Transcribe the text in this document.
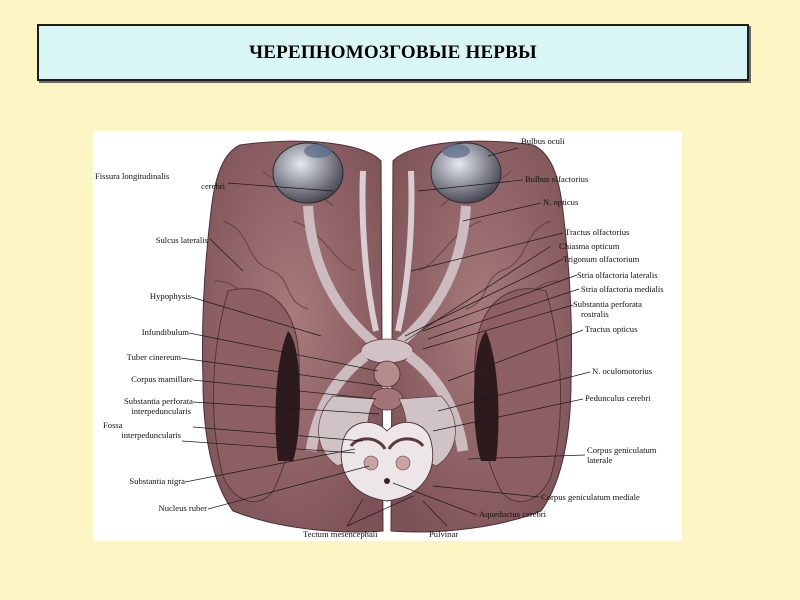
ЧЕРЕПНОМОЗГОВЫЕ НЕРВЫ
Fissura longitudinalis
cerebri
Sulcus lateralis
Hypophysis
Infundibulum
Tuber cinereum
Corpus mamillare
Substantia perforata
interpeduncularis
Fossa
interpeduncularis
Substantia nigra
Nucleus ruber
Bulbus oculi
Bulbus olfactorius
N. opticus
Tractus olfactorius
Chiasma opticum
Trigonum olfactorium
Stria olfactoria lateralis
Stria olfactoria medialis
Substantia perforata
rostralis
Tractus opticus
N. oculomotorius
Pedunculus cerebri
Corpus geniculatum
laterale
Corpus geniculatum mediale
Aqueductus cerebri
Tectum mesencephali	Pulvinar
